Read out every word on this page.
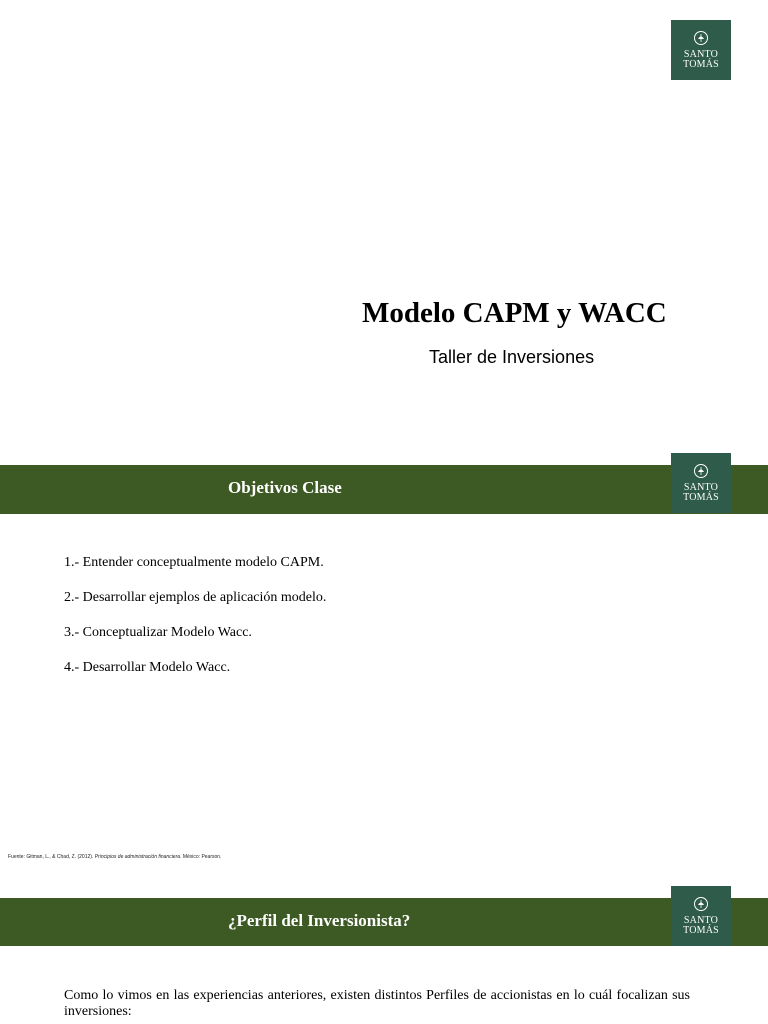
SANTO
TOMÁS
Modelo CAPM y WACC
Taller de Inversiones
Objetivos Clase	SANTO
TOMÁS
1.- Entender conceptualmente modelo CAPM.
2.- Desarrollar ejemplos de aplicación modelo.
3.- Conceptualizar Modelo Wacc.
4.- Desarrollar Modelo Wacc.
Fuente: Gitman, L., & Chad, Z. (2012). Principios de administración financiera. México: Pearson.
¿Perfil del Inversionista?	SANTO
TOMÁS
Como lo vimos en las experiencias anteriores, existen distintos Perfiles de accionistas en lo cuál focalizan sus inversiones:
